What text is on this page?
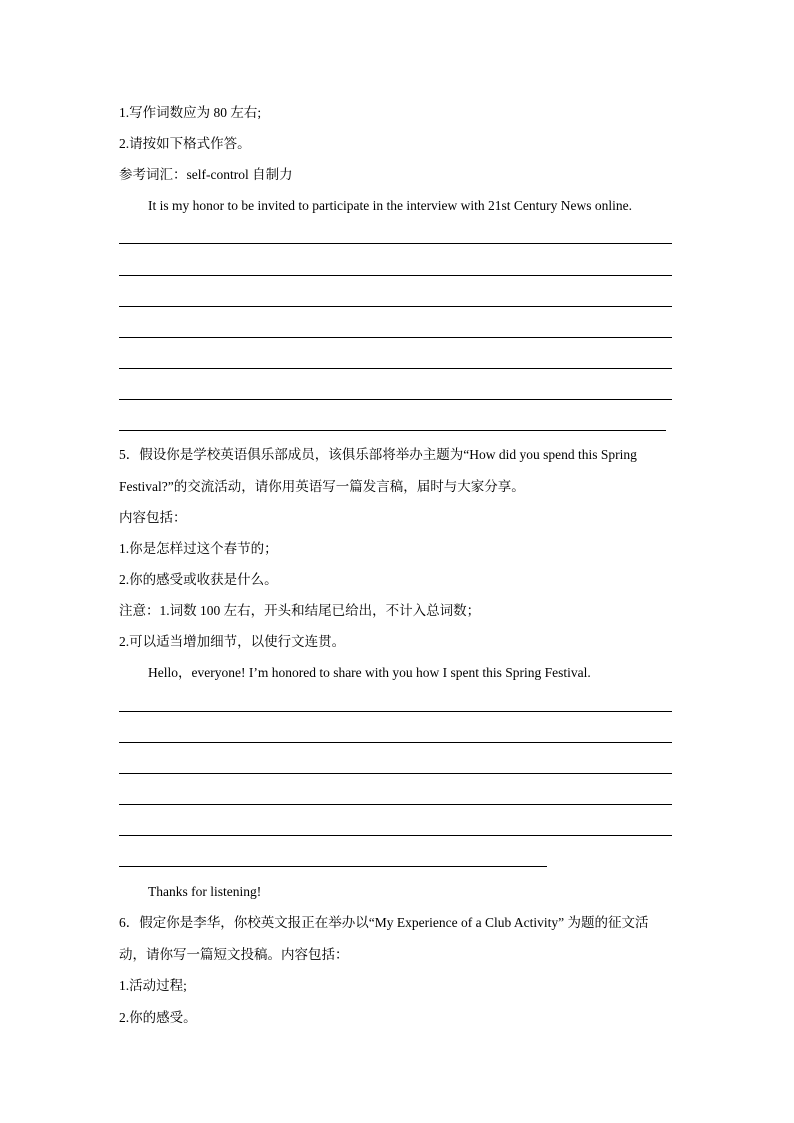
1.写作词数应为 80 左右;
2.请按如下格式作答。
参考词汇：self-control 自制力
It is my honor to be invited to participate in the interview with 21st Century News online.
5．假设你是学校英语俱乐部成员，该俱乐部将举办主题为“How did you spend this Spring
Festival?”的交流活动，请你用英语写一篇发言稿，届时与大家分享。
内容包括：
1.你是怎样过这个春节的；
2.你的感受或收获是什么。
注意：1.词数 100 左右，开头和结尾已给出，不计入总词数；
2.可以适当增加细节，以使行文连贯。
Hello，everyone! I’m honored to share with you how I spent this Spring Festival.
Thanks for listening!
6．假定你是李华，你校英文报正在举办以“My Experience of a Club Activity” 为题的征文活
动，请你写一篇短文投稿。内容包括：
1.活动过程;
2.你的感受。
